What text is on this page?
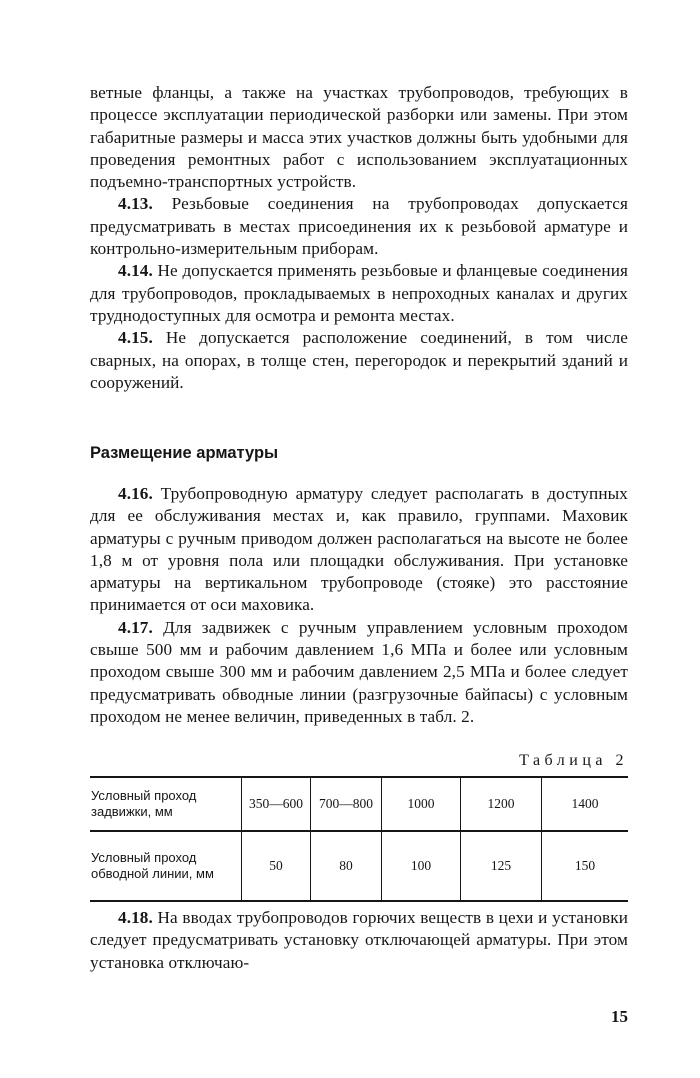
ветные фланцы, а также на участках трубопроводов, требующих в процессе эксплуатации периодической разборки или замены. При этом габаритные размеры и масса этих участков должны быть удобными для проведения ремонтных работ с использованием эксплуатационных подъемно-транспортных устройств.

4.13. Резьбовые соединения на трубопроводах допускается предусматривать в местах присоединения их к резьбовой арматуре и контрольно-измерительным приборам.

4.14. Не допускается применять резьбовые и фланцевые соединения для трубопроводов, прокладываемых в непроходных каналах и других труднодоступных для осмотра и ремонта местах.

4.15. Не допускается расположение соединений, в том числе сварных, на опорах, в толще стен, перегородок и перекрытий зданий и сооружений.

Размещение арматуры

4.16. Трубопроводную арматуру следует располагать в доступных для ее обслуживания местах и, как правило, группами. Маховик арматуры с ручным приводом должен располагаться на высоте не более 1,8 м от уровня пола или площадки обслуживания. При установке арматуры на вертикальном трубопроводе (стояке) это расстояние принимается от оси маховика.

4.17. Для задвижек с ручным управлением условным проходом свыше 500 мм и рабочим давлением 1,6 МПа и более или условным проходом свыше 300 мм и рабочим давлением 2,5 МПа и более следует предусматривать обводные линии (разгрузочные байпасы) с условным проходом не менее величин, приведенных в табл. 2.

Таблица 2
Условный проход задвижки, мм	350—600	700—800	1000	1200	1400
Условный проход обводной линии, мм	50	80	100	125	150

4.18. На вводах трубопроводов горючих веществ в цехи и установки следует предусматривать установку отключающей арматуры. При этом установка отключаю-

15
